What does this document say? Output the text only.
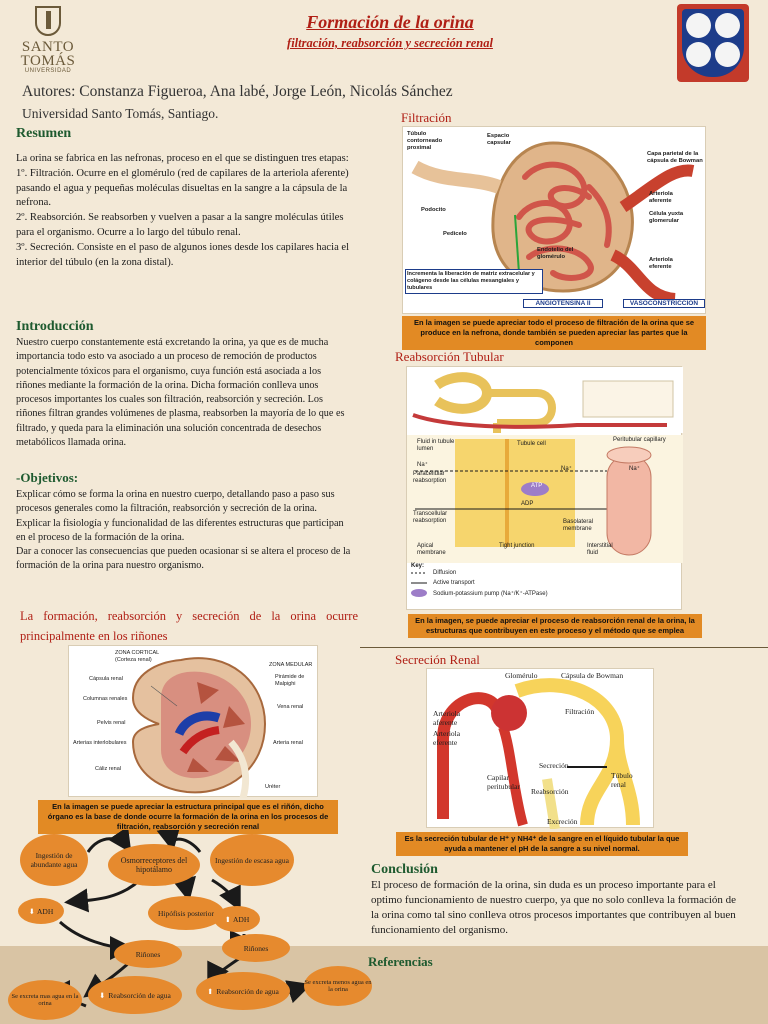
SANTO
TOMÁS
UNIVERSIDAD
Formación de la orina
filtración, reabsorción y secreción renal
Autores: Constanza Figueroa, Ana labé, Jorge León, Nicolás Sánchez
Universidad Santo Tomás, Santiago.
Resumen

La orina se fabrica en las nefronas, proceso en el que se distinguen tres etapas:

1º. Filtración. Ocurre en el glomérulo (red de capilares de la arteriola aferente) pasando el agua y pequeñas moléculas disueltas en la sangre a la cápsula de la nefrona.

2º. Reabsorción. Se reabsorben y vuelven a pasar a la sangre moléculas útiles para el organismo. Ocurre a lo largo del túbulo renal.

3º. Secreción. Consiste en el paso de algunos iones desde los capilares hacia el interior del túbulo (en la zona distal).

Introducción
Nuestro cuerpo constantemente está excretando la orina, ya que es de mucha importancia todo esto va asociado a un proceso de remoción de productos potencialmente tóxicos para el organismo, cuya función está asociada a los riñones mediante la formación de la orina. Dicha formación conlleva unos procesos importantes los cuales son filtración, reabsorción y secreción. Los riñones filtran grandes volúmenes de plasma, reabsorben la mayoría de lo que es filtrado, y queda para la eliminación una solución concentrada de desechos metabólicos llamada orina.
-Objetivos:

Explicar cómo se forma la orina en nuestro cuerpo, detallando paso a paso sus procesos generales como la filtración, reabsorción y secreción de la orina.

Explicar la fisiología y funcionalidad de las diferentes estructuras que participan en el proceso de la formación de la orina.

Dar a conocer las consecuencias que pueden ocasionar si se altera el proceso de la formación de la orina para nuestro organismo.

La formación, reabsorción y secreción de la orina ocurre principalmente en los riñones
ZONA CORTICAL
(Corteza renal)
ZONA MEDULAR
Cápsula renal	Pirámide de Malpighi
Columnas renales
Vena renal
Pelvis renal
Arterias interlobulares	Arteria renal
Cáliz renal
Uréter
En la imagen se puede apreciar la estructura principal que es el riñón, dicho órgano es la base de donde ocurre la formación de la orina en los procesos de filtración, reabsorción y secreción renal
Ingestión de abundante agua	Osmorreceptores del hipotálamo
Ingestión de escasa agua
⬇ ADH	Hipófisis posterior
⬆ ADH
Riñones
Riñones
⬇ Reabsorción de agua	⬆ Reabsorción de agua
Se excreta mas agua en la orina
Se excreta menos agua en la orina
Filtración
Túbulo contorneado proximal
Espacio capsular
Capa parietal de la cápsula de Bowman
Arteriola aferente
Célula yuxta glomerular
Podocito
Pedicelo
Endotelio del glomérulo	Arteriola eferente
Incrementa la liberación de matriz extracelular y colágeno desde las células mesangiales y tubulares
ANGIOTENSINA II	VASOCONSTRICCIÓN
En la imagen se puede apreciar todo el proceso de filtración de la orina que se produce en la nefrona, donde también se pueden apreciar las partes que la componen
Reabsorción Tubular
Fluid in tubule lumen
Tubule cell
Peritubular capillary
Na⁺
Paracellular reabsorption
Na⁺	Na⁺
ATP
ADP
Transcellular reabsorption	Basolateral membrane
Apical membrane
Tight junction	Interstitial fluid
Key:
Diffusion
Active transport
Sodium-potassium pump (Na⁺/K⁺-ATPase)
En la imagen, se puede apreciar el proceso de reabsorción renal de la orina, la estructuras que contribuyen en este proceso y el método que se emplea
Secreción Renal
Glomérulo	Cápsula de Bowman
Arteriola aferente
Filtración
Arteriola eferente
Secreción
Capilar peritubular
Túbulo renal
Reabsorción
Excreción
Es la secreción tubular de H⁺ y NH4⁺ de la sangre en el líquido tubular la que ayuda a mantener el pH de la sangre a su nivel normal.
Conclusión
El proceso de formación de la orina, sin duda es un proceso importante para el optimo funcionamiento de nuestro cuerpo, ya que no solo conlleva la formación de la orina como tal sino conlleva otros procesos importantes que contribuyen al buen funcionamiento del organismo.
Referencias
